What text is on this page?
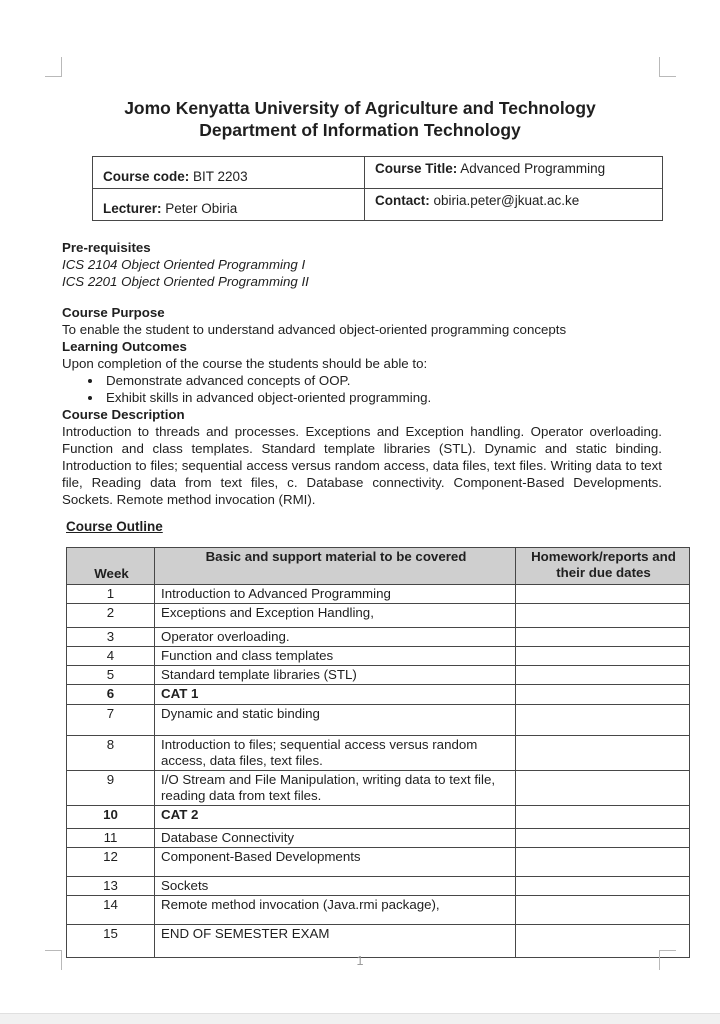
Jomo Kenyatta University of Agriculture and Technology
Department of Information Technology
Course code: BIT 2203	Course Title: Advanced Programming
Lecturer: Peter Obiria	Contact: obiria.peter@jkuat.ac.ke
Pre-requisites
ICS 2104 Object Oriented Programming I
ICS 2201 Object Oriented Programming II
Course Purpose
To enable the student to understand advanced object-oriented programming concepts
Learning Outcomes
Upon completion of the course the students should be able to:
• Demonstrate advanced concepts of OOP.
• Exhibit skills in advanced object-oriented programming.
Course Description
Introduction to threads and processes. Exceptions and Exception handling. Operator overloading. Function and class templates. Standard template libraries (STL). Dynamic and static binding. Introduction to files; sequential access versus random access, data files, text files. Writing data to text file, Reading data from text files, c. Database connectivity. Component-Based Developments. Sockets. Remote method invocation (RMI).
Course Outline
Week	Basic and support material to be covered	Homework/reports and their due dates
1	Introduction to Advanced Programming	
2	Exceptions and Exception Handling,	
3	Operator overloading.	
4	Function and class templates	
5	Standard template libraries (STL)	
6	CAT 1	
7	Dynamic and static binding	
8	Introduction to files; sequential access versus random access, data files, text files.	
9	I/O Stream and File Manipulation, writing data to text file, reading data from text files.	
10	CAT 2	
11	Database Connectivity	
12	Component-Based Developments	
13	Sockets	
14	Remote method invocation (Java.rmi package),	
15	END OF SEMESTER EXAM	
1
